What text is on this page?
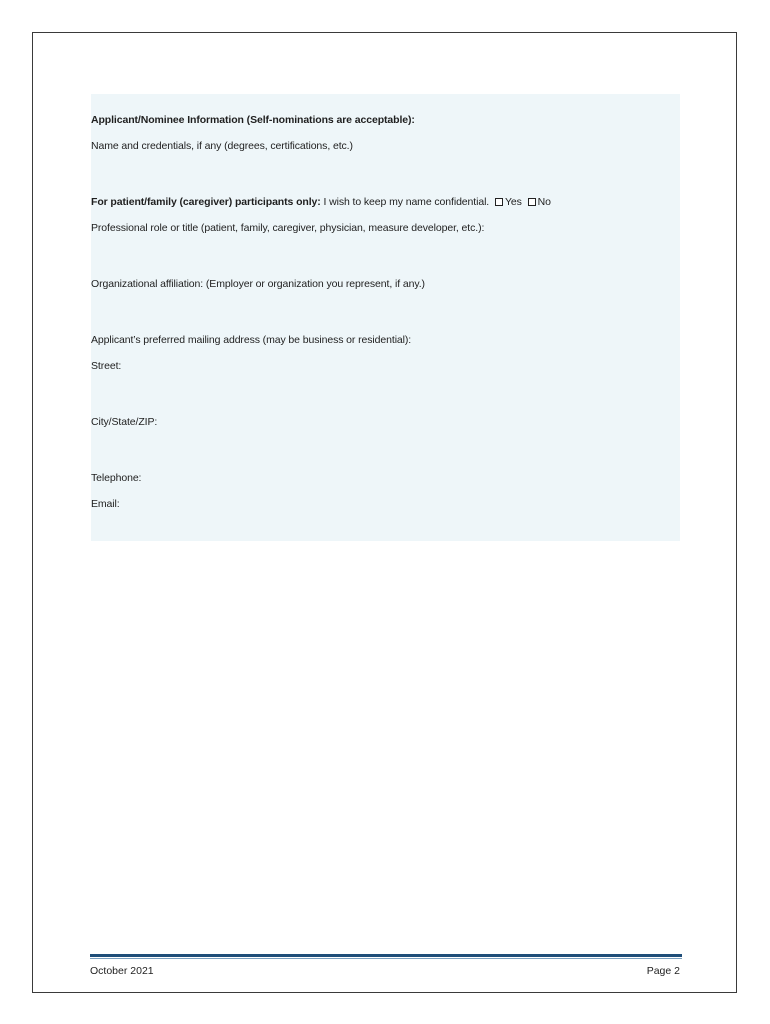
Applicant/Nominee Information (Self-nominations are acceptable):
Name and credentials, if any (degrees, certifications, etc.)
For patient/family (caregiver) participants only: I wish to keep my name confidential. Yes No
Professional role or title (patient, family, caregiver, physician, measure developer, etc.):
Organizational affiliation: (Employer or organization you represent, if any.)
Applicant’s preferred mailing address (may be business or residential):
Street:
City/State/ZIP:
Telephone:
Email:
October 2021	Page 2
